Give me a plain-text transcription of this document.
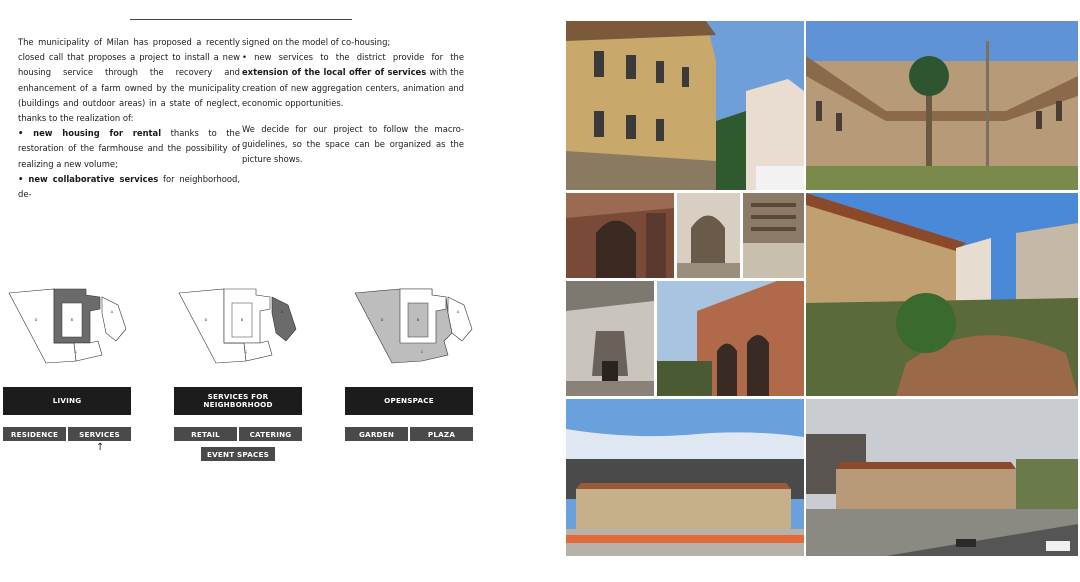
The municipality of Milan has proposed a recently closed call that proposes a project to install a new housing service through the recovery and enhancement of a farm owned by the municipality (buildings and outdoor areas) in a state of neglect, thanks to the realization of:

• new housing for rental thanks to the restoration of the farmhouse and the possibility of realizing a new volume;

• new collaborative services for neighborhood, de-

signed on the model of co-housing;

• new services to the district provide for the extension of the local offer of services with the creation of new aggregation centers, animation and economic opportunities.

We decide for our project to follow the macro-guidelines, so the space can be organized as the picture shows.

D	B
A
C
D	B
A
C
D	B
A
C
LIVING	SERVICES FOR
NEIGHBORHOOD	OPENSPACE
RESIDENCE	SERVICES
↑
RETAIL	CATERING
EVENT SPACES
GARDEN	PLAZA
